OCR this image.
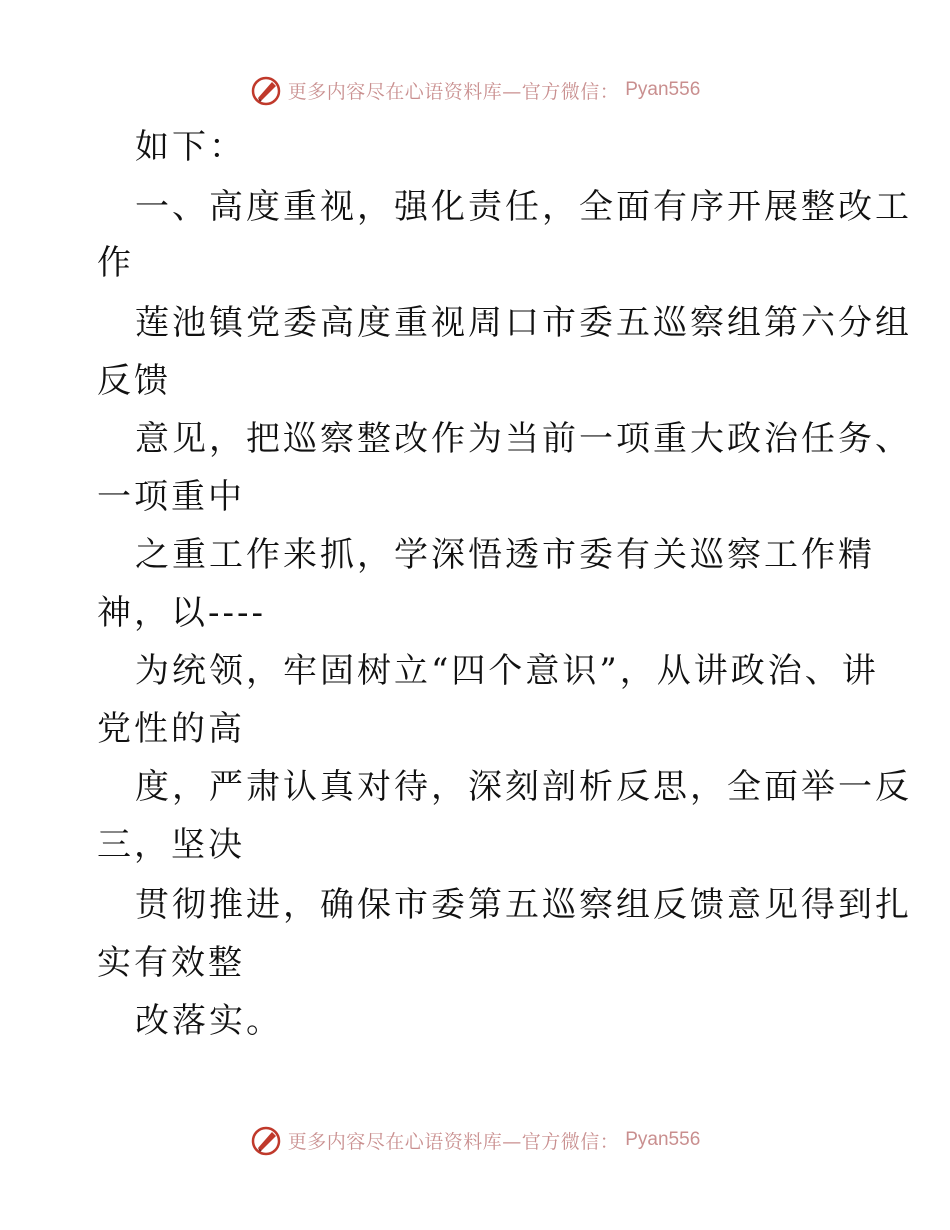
更多内容尽在心语资料库—官方微信： Pyan556
如下：
一、高度重视，强化责任，全面有序开展整改工
作
莲池镇党委高度重视周口市委五巡察组第六分组
反馈
意见，把巡察整改作为当前一项重大政治任务、
一项重中
之重工作来抓，学深悟透市委有关巡察工作精
神，以----
为统领，牢固树立“四个意识”，从讲政治、讲
党性的高
度，严肃认真对待，深刻剖析反思，全面举一反
三，坚决
贯彻推进，确保市委第五巡察组反馈意见得到扎
实有效整
改落实。
更多内容尽在心语资料库—官方微信： Pyan556
